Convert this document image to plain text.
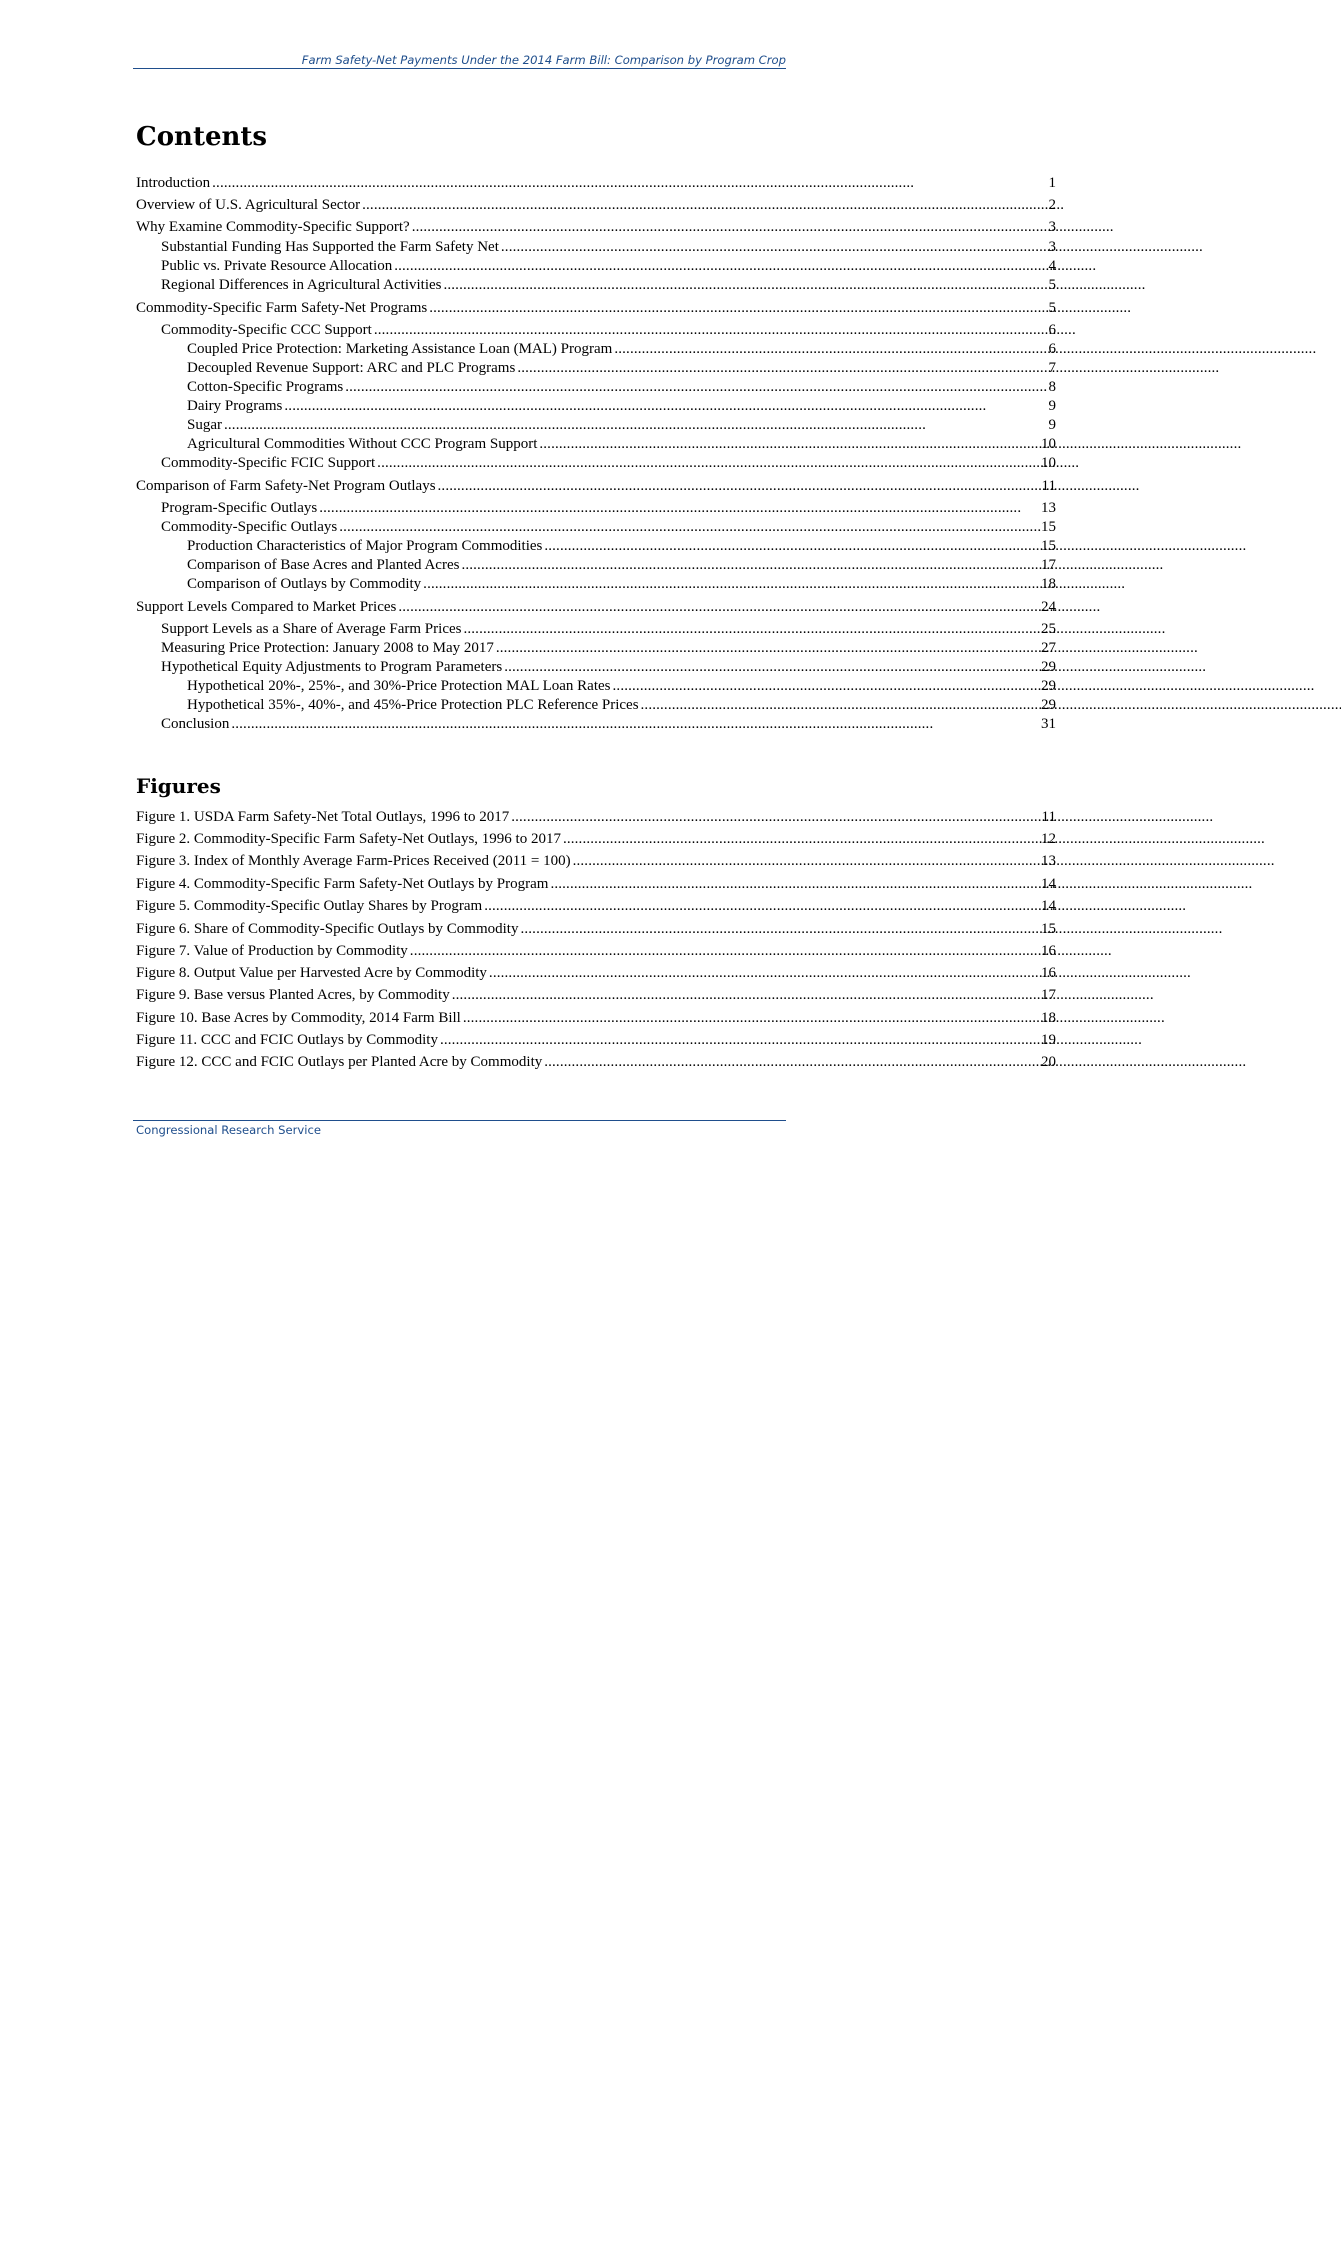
Farm Safety-Net Payments Under the 2014 Farm Bill: Comparison by Program Crop
Contents
Introduction . . .	1
Overview of U.S. Agricultural Sector . . .	2
Why Examine Commodity-Specific Support? . . .	3
Substantial Funding Has Supported the Farm Safety Net . . .	3
Public vs. Private Resource Allocation . . .	4
Regional Differences in Agricultural Activities . . .	5
Commodity-Specific Farm Safety-Net Programs . . .	5
Commodity-Specific CCC Support . . .	6
Coupled Price Protection: Marketing Assistance Loan (MAL) Program . . .	6
Decoupled Revenue Support: ARC and PLC Programs . . .	7
Cotton-Specific Programs . . .	8
Dairy Programs . . .	9
Sugar . . .	9
Agricultural Commodities Without CCC Program Support . . .	10
Commodity-Specific FCIC Support . . .	10
Comparison of Farm Safety-Net Program Outlays . . .	11
Program-Specific Outlays . . .	13
Commodity-Specific Outlays . . .	15
Production Characteristics of Major Program Commodities . . .	15
Comparison of Base Acres and Planted Acres . . .	17
Comparison of Outlays by Commodity . . .	18
Support Levels Compared to Market Prices . . .	24
Support Levels as a Share of Average Farm Prices . . .	25
Measuring Price Protection: January 2008 to May 2017 . . .	27
Hypothetical Equity Adjustments to Program Parameters . . .	29
Hypothetical 20%-, 25%-, and 30%-Price Protection MAL Loan Rates . . .	29
Hypothetical 35%-, 40%-, and 45%-Price Protection PLC Reference Prices . . .	29
Conclusion . . .	31
Figures
Figure 1. USDA Farm Safety-Net Total Outlays, 1996 to 2017 . . .	11
Figure 2. Commodity-Specific Farm Safety-Net Outlays, 1996 to 2017 . . .	12
Figure 3. Index of Monthly Average Farm-Prices Received (2011 = 100) . . .	13
Figure 4. Commodity-Specific Farm Safety-Net Outlays by Program . . .	14
Figure 5. Commodity-Specific Outlay Shares by Program . . .	14
Figure 6. Share of Commodity-Specific Outlays by Commodity . . .	15
Figure 7. Value of Production by Commodity . . .	16
Figure 8. Output Value per Harvested Acre by Commodity . . .	16
Figure 9. Base versus Planted Acres, by Commodity . . .	17
Figure 10. Base Acres by Commodity, 2014 Farm Bill . . .	18
Figure 11. CCC and FCIC Outlays by Commodity . . .	19
Figure 12. CCC and FCIC Outlays per Planted Acre by Commodity . . .	20
Congressional Research Service
